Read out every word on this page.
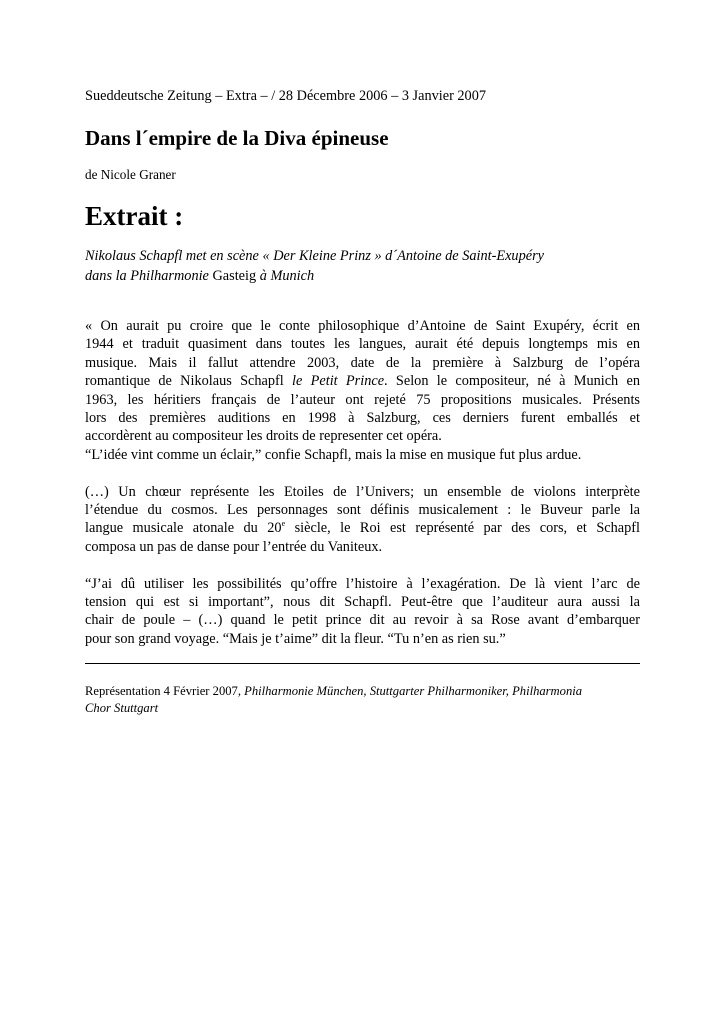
Sueddeutsche Zeitung – Extra – / 28 Décembre 2006 – 3 Janvier 2007
Dans l´empire de la Diva épineuse
de Nicole Graner
Extrait :
Nikolaus Schapfl met en scène « Der Kleine Prinz » d´Antoine de Saint-Exupéry
dans la Philharmonie Gasteig à Munich

« On aurait pu croire que le conte philosophique d’Antoine de Saint Exupéry, écrit en
1944 et traduit quasiment dans toutes les langues, aurait été depuis longtemps mis en
musique. Mais il fallut attendre 2003, date de la première à Salzburg de l’opéra
romantique de Nikolaus Schapfl le Petit Prince. Selon le compositeur, né à Munich en
1963, les héritiers français de l’auteur ont rejeté 75 propositions musicales. Présents
lors des premières auditions en 1998 à Salzburg, ces derniers furent emballés et
accordèrent au compositeur les droits de representer cet opéra.
“L’idée vint comme un éclair,” confie Schapfl, mais la mise en musique fut plus ardue.

(…) Un chœur représente les Etoiles de l’Univers; un ensemble de violons interprète
l’étendue du cosmos. Les personnages sont définis musicalement : le Buveur parle la
langue musicale atonale du 20e siècle, le Roi est représenté par des cors, et Schapfl
composa un pas de danse pour l’entrée du Vaniteux.

“J’ai dû utiliser les possibilités qu’offre l’histoire à l’exagération. De là vient l’arc de
tension qui est si important”, nous dit Schapfl. Peut-être que l’auditeur aura aussi la
chair de poule – (…) quand le petit prince dit au revoir à sa Rose avant d’embarquer
pour son grand voyage. “Mais je t’aime” dit la fleur. “Tu n’en as rien su.”

Représentation 4 Février 2007, Philharmonie München, Stuttgarter Philharmoniker, Philharmonia
Chor Stuttgart
